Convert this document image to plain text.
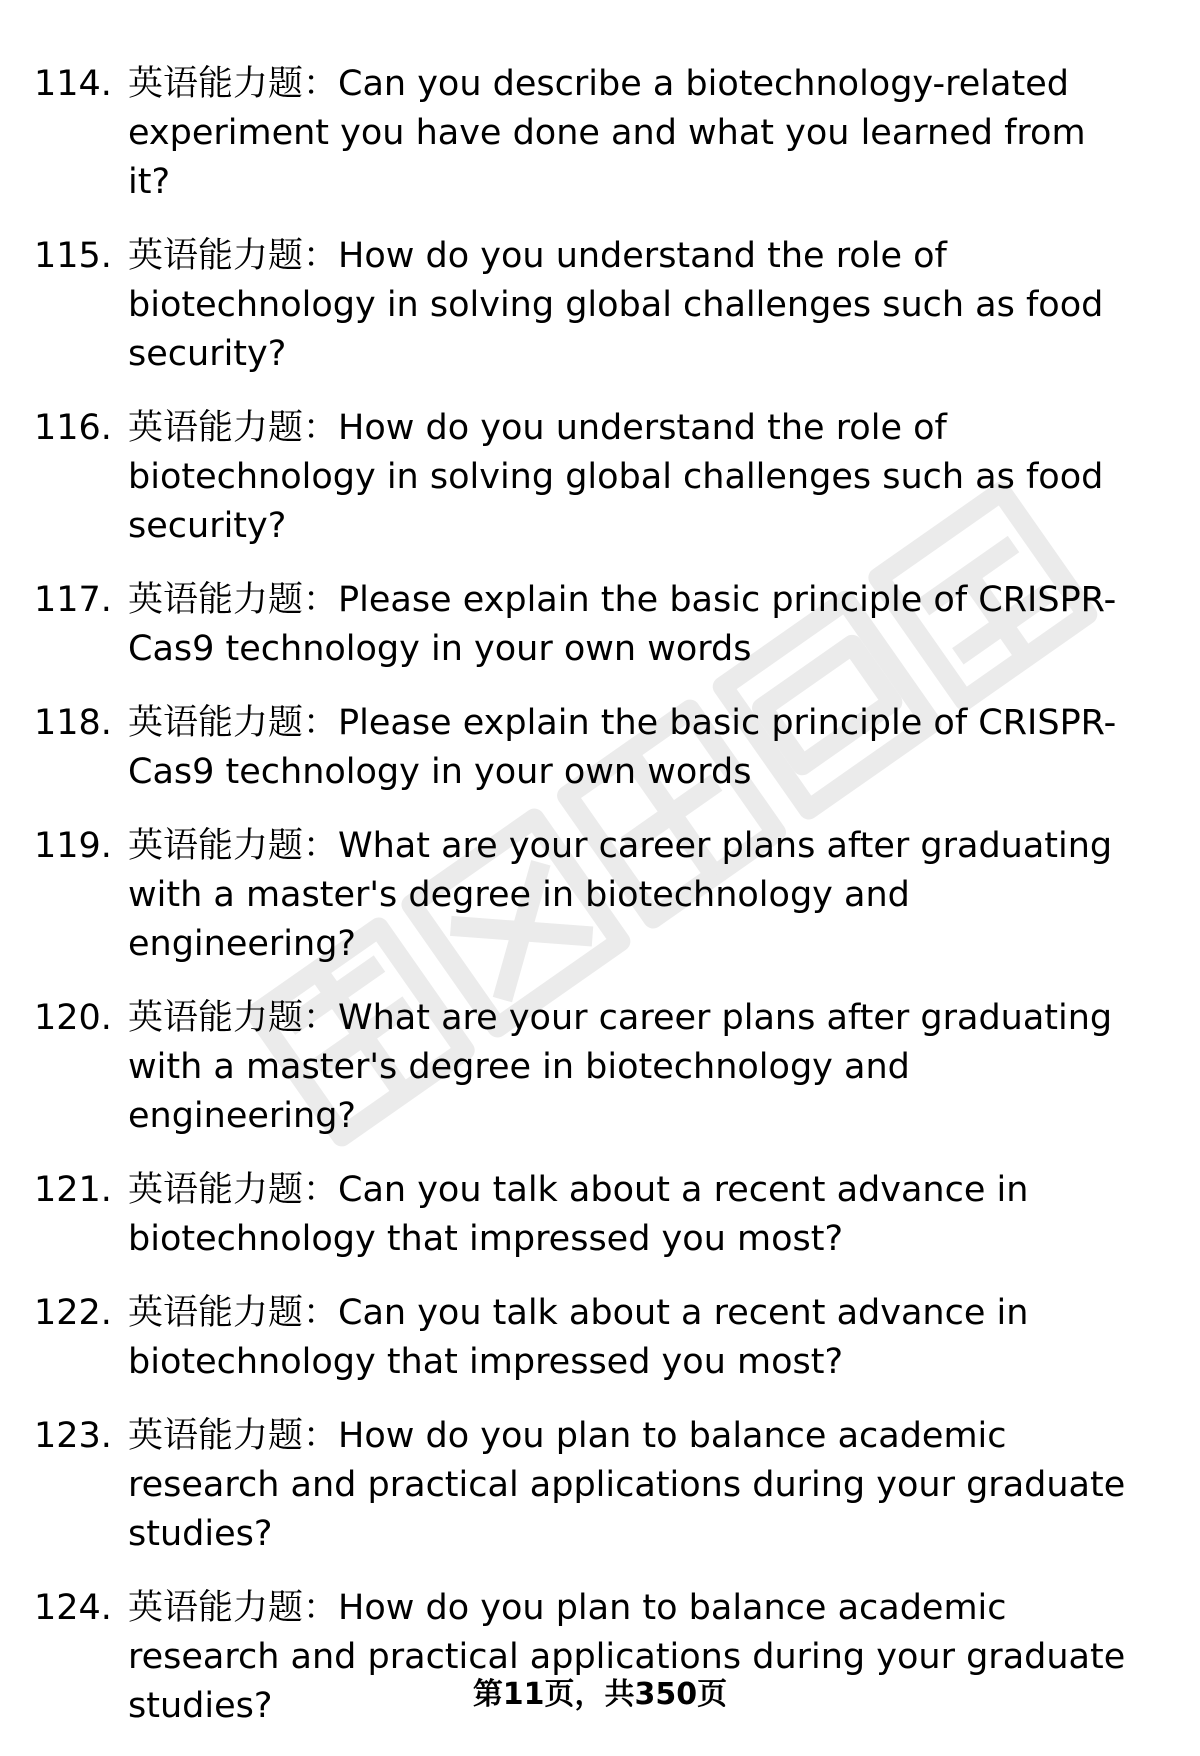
114. 英语能力题：Can you describe a biotechnology-related experiment you have done and what you learned from it?
115. 英语能力题：How do you understand the role of biotechnology in solving global challenges such as food security?
116. 英语能力题：How do you understand the role of biotechnology in solving global challenges such as food security?
117. 英语能力题：Please explain the basic principle of CRISPR-Cas9 technology in your own words
118. 英语能力题：Please explain the basic principle of CRISPR-Cas9 technology in your own words
119. 英语能力题：What are your career plans after graduating with a master's degree in biotechnology and engineering?
120. 英语能力题：What are your career plans after graduating with a master's degree in biotechnology and engineering?
121. 英语能力题：Can you talk about a recent advance in biotechnology that impressed you most?
122. 英语能力题：Can you talk about a recent advance in biotechnology that impressed you most?
123. 英语能力题：How do you plan to balance academic research and practical applications during your graduate studies?
124. 英语能力题：How do you plan to balance academic research and practical applications during your graduate studies?	第11页，共350页
